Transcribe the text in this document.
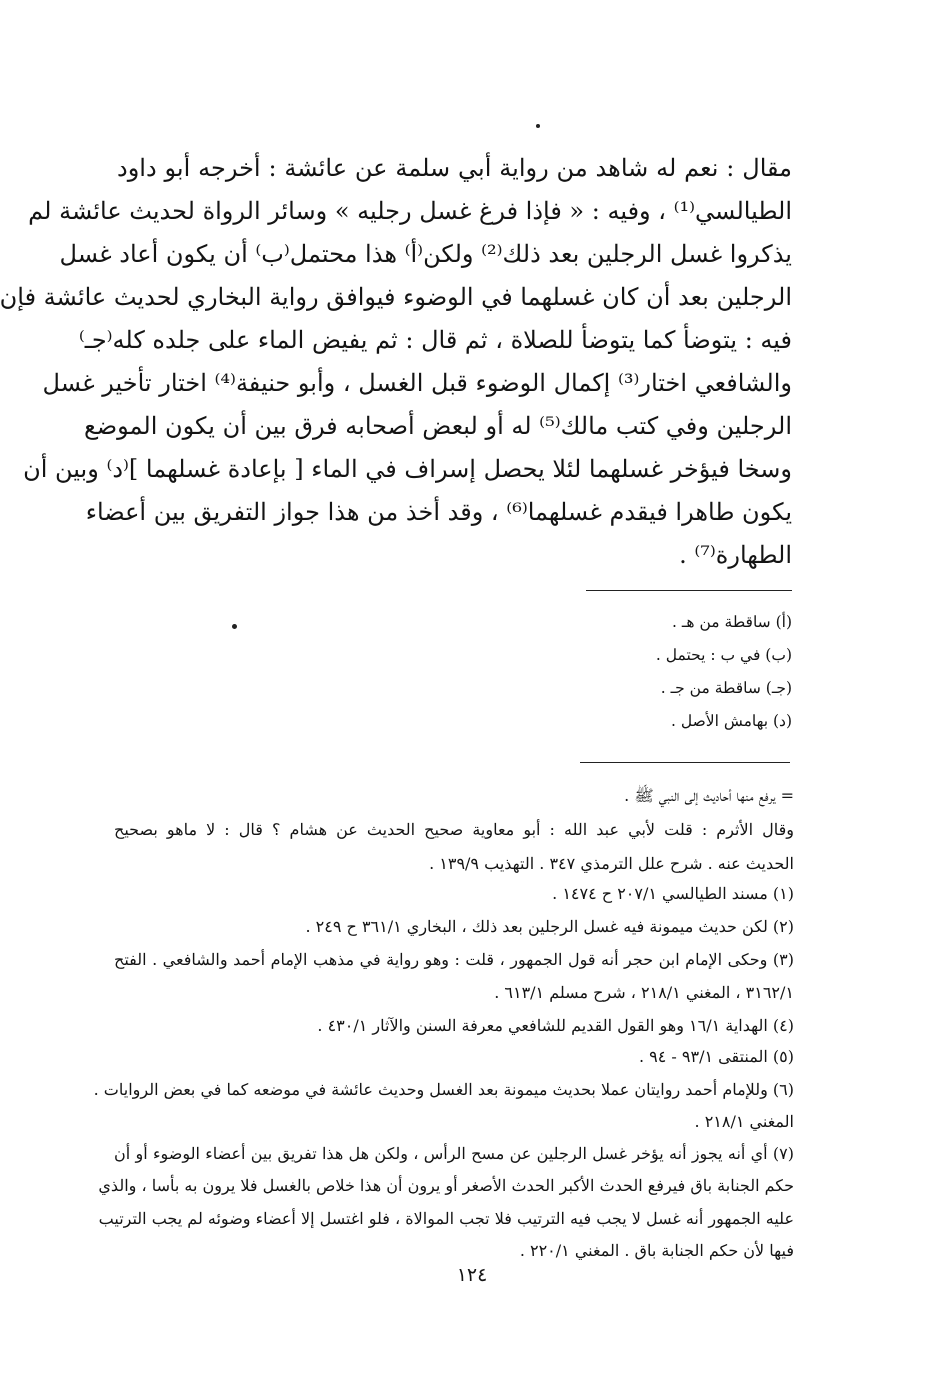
مقال : نعم له شاهد من رواية أبي سلمة عن عائشة : أخرجه أبو داود
الطيالسي⁽¹⁾ ، وفيه : « فإذا فرغ غسل رجليه » وسائر الرواة لحديث عائشة لم
يذكروا غسل الرجلين بعد ذلك⁽²⁾ ولكن⁽أ⁾ هذا محتمل⁽ب⁾ أن يكون أعاد غسل
الرجلين بعد أن كان غسلهما في الوضوء فيوافق رواية البخاري لحديث عائشة فإن
فيه : يتوضأ كما يتوضأ للصلاة ، ثم قال : ثم يفيض الماء على جلده كله⁽جـ⁾
والشافعي اختار⁽³⁾ إكمال الوضوء قبل الغسل ، وأبو حنيفة⁽⁴⁾ اختار تأخير غسل
الرجلين وفي كتب مالك⁽⁵⁾ له أو لبعض أصحابه فرق بين أن يكون الموضع
وسخا فيؤخر غسلهما لئلا يحصل إسراف في الماء [ بإعادة غسلهما ]⁽د⁾ وبين أن
يكون طاهرا فيقدم غسلهما⁽⁶⁾ ، وقد أخذ من هذا جواز التفريق بين أعضاء
الطهارة⁽⁷⁾ .
(أ) ساقطة من هـ .
(ب) في ب : يحتمل .
(جـ) ساقطة من جـ .
(د) بهامش الأصل .
= يرفع منها أحاديث إلى النبي ﷺ .
وقال الأثرم : قلت لأبي عبد الله : أبو معاوية صحيح الحديث عن هشام ؟ قال : لا ماهو بصحيح
الحديث عنه . شرح علل الترمذي ٣٤٧ . التهذيب ١٣٩/٩ .
(١) مسند الطيالسي ٢٠٧/١ ح ١٤٧٤ .
(٢) لكن حديث ميمونة فيه غسل الرجلين بعد ذلك ، البخاري ٣٦١/١ ح ٢٤٩ .
(٣) وحكى الإمام ابن حجر أنه قول الجمهور ، قلت : وهو رواية في مذهب الإمام أحمد والشافعي . الفتح
٣١٦٢/١ ، المغني ٢١٨/١ ، شرح مسلم ٦١٣/١ .
(٤) الهداية ١٦/١ وهو القول القديم للشافعي معرفة السنن والآثار ٤٣٠/١ .
(٥) المنتقى ٩٣/١ - ٩٤ .
(٦) وللإمام أحمد روايتان عملا بحديث ميمونة بعد الغسل وحديث عائشة في موضعه كما في بعض الروايات .
المغني ٢١٨/١ .
(٧) أي أنه يجوز أنه يؤخر غسل الرجلين عن مسح الرأس ، ولكن هل هذا تفريق بين أعضاء الوضوء أو أن
حكم الجنابة باق فيرفع الحدث الأكبر الحدث الأصغر أو يرون أن هذا خلاص بالغسل فلا يرون به بأسا ، والذي
عليه الجمهور أنه غسل لا يجب فيه الترتيب فلا تجب الموالاة ، فلو اغتسل إلا أعضاء وضوئه لم يجب الترتيب
فيها لأن حكم الجنابة باق . المغني ٢٢٠/١ .
١٢٤
